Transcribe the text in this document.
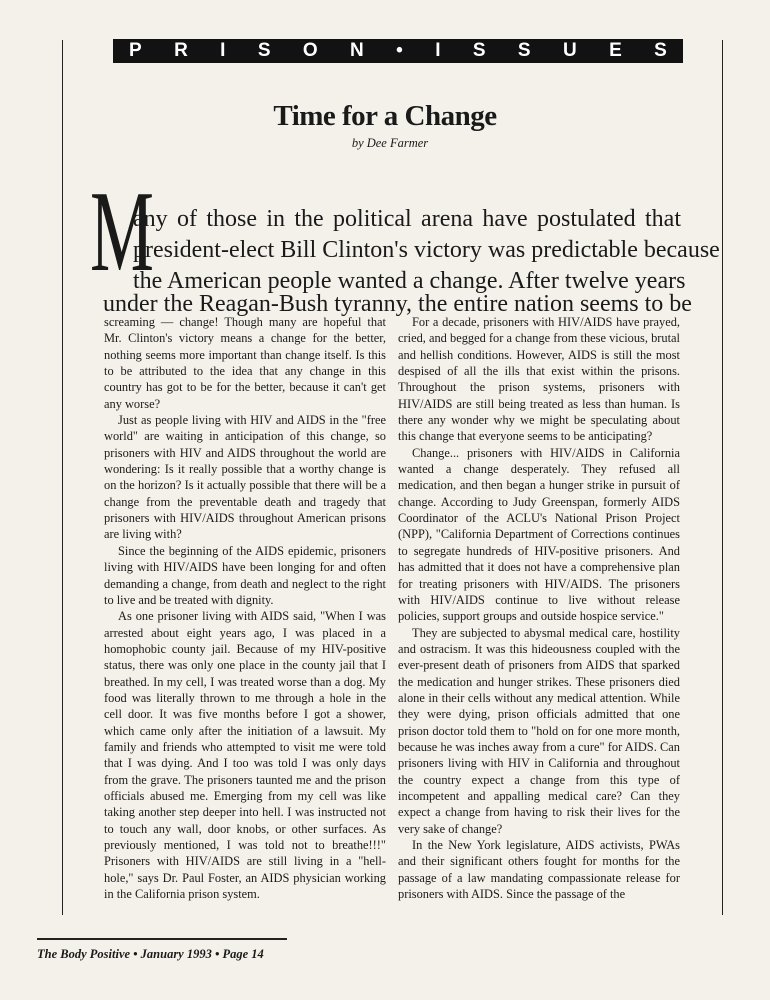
P R I S O N • I S S U E S
Time for a Change
by Dee Farmer
M
any of those in the political arena have postulated that
president-elect Bill Clinton's victory was predictable because
the American people wanted a change. After twelve years
under the Reagan-Bush tyranny, the entire nation seems to be

screaming — change! Though many are hopeful that Mr. Clinton's victory means a change for the better, nothing seems more important than change itself. Is this to be attributed to the idea that any change in this country has got to be for the better, because it can't get any worse?

Just as people living with HIV and AIDS in the "free world" are waiting in anticipation of this change, so prisoners with HIV and AIDS throughout the world are wondering: Is it really possible that a worthy change is on the horizon? Is it actually possible that there will be a change from the preventable death and tragedy that prisoners with HIV/AIDS throughout American prisons are living with?

Since the beginning of the AIDS epidemic, prisoners living with HIV/AIDS have been longing for and often demanding a change, from death and neglect to the right to live and be treated with dignity.

As one prisoner living with AIDS said, "When I was arrested about eight years ago, I was placed in a homophobic county jail. Because of my HIV-positive status, there was only one place in the county jail that I breathed. In my cell, I was treated worse than a dog. My food was literally thrown to me through a hole in the cell door. It was five months before I got a shower, which came only after the initiation of a lawsuit. My family and friends who attempted to visit me were told that I was dying. And I too was told I was only days from the grave. The prisoners taunted me and the prison officials abused me. Emerging from my cell was like taking another step deeper into hell. I was instructed not to touch any wall, door knobs, or other surfaces. As previously mentioned, I was told not to breathe!!!" Prisoners with HIV/AIDS are still living in a "hell-hole," says Dr. Paul Foster, an AIDS physician working in the California prison system.

For a decade, prisoners with HIV/AIDS have prayed, cried, and begged for a change from these vicious, brutal and hellish conditions. However, AIDS is still the most despised of all the ills that exist within the prisons. Throughout the prison systems, prisoners with HIV/AIDS are still being treated as less than human. Is there any wonder why we might be speculating about this change that everyone seems to be anticipating?

Change... prisoners with HIV/AIDS in California wanted a change desperately. They refused all medication, and then began a hunger strike in pursuit of change. According to Judy Greenspan, formerly AIDS Coordinator of the ACLU's National Prison Project (NPP), "California Department of Corrections continues to segregate hundreds of HIV-positive prisoners. And has admitted that it does not have a comprehensive plan for treating prisoners with HIV/AIDS. The prisoners with HIV/AIDS continue to live without release policies, support groups and outside hospice service."

They are subjected to abysmal medical care, hostility and ostracism. It was this hideousness coupled with the ever-present death of prisoners from AIDS that sparked the medication and hunger strikes. These prisoners died alone in their cells without any medical attention. While they were dying, prison officials admitted that one prison doctor told them to "hold on for one more month, because he was inches away from a cure" for AIDS. Can prisoners living with HIV in California and throughout the country expect a change from this type of incompetent and appalling medical care? Can they expect a change from having to risk their lives for the very sake of change?

In the New York legislature, AIDS activists, PWAs and their significant others fought for months for the passage of a law mandating compassionate release for prisoners with AIDS. Since the passage of the

The Body Positive • January 1993 • Page 14
